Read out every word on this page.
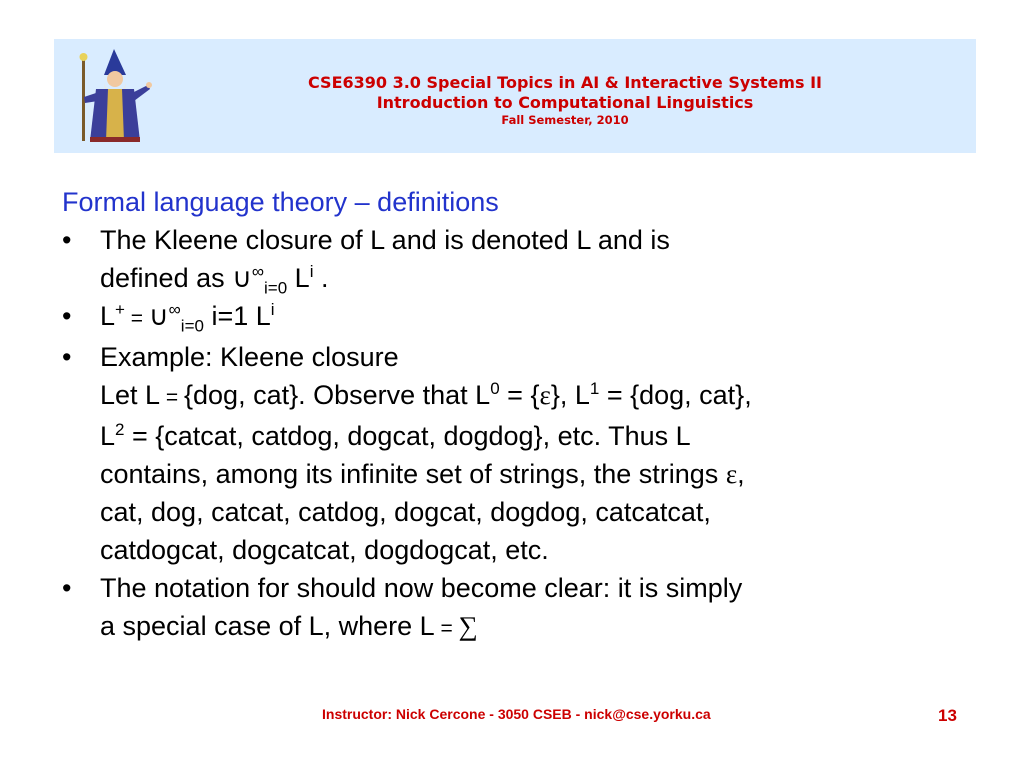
CSE6390 3.0 Special Topics in AI & Interactive Systems II
Introduction to Computational Linguistics
Fall Semester, 2010
Formal language theory – definitions
•	The Kleene closure of L and is denoted L and is
defined as $\cup^\infty_{i=0}$ $L^i$ .
•	$L^+ = \cup^\infty_{i=0}$ i=1 $L^i$
•	Example: Kleene closure
Let L = {dog, cat}. Observe that $L^0 = \{\varepsilon\}$, $L^1 = \{dog$, cat},
$L^2$ = {catcat, catdog, dogcat, dogdog}, etc. Thus L
contains, among its infinite set of strings, the strings ε,
cat, dog, catcat, catdog, dogcat, dogdog, catcatcat,
catdogcat, dogcatcat, dogdogcat, etc.
•	The notation for should now become clear: it is simply
a special case of L, where L = ∑
Instructor: Nick Cercone - 3050 CSEB - nick@cse.yorku.ca	13
